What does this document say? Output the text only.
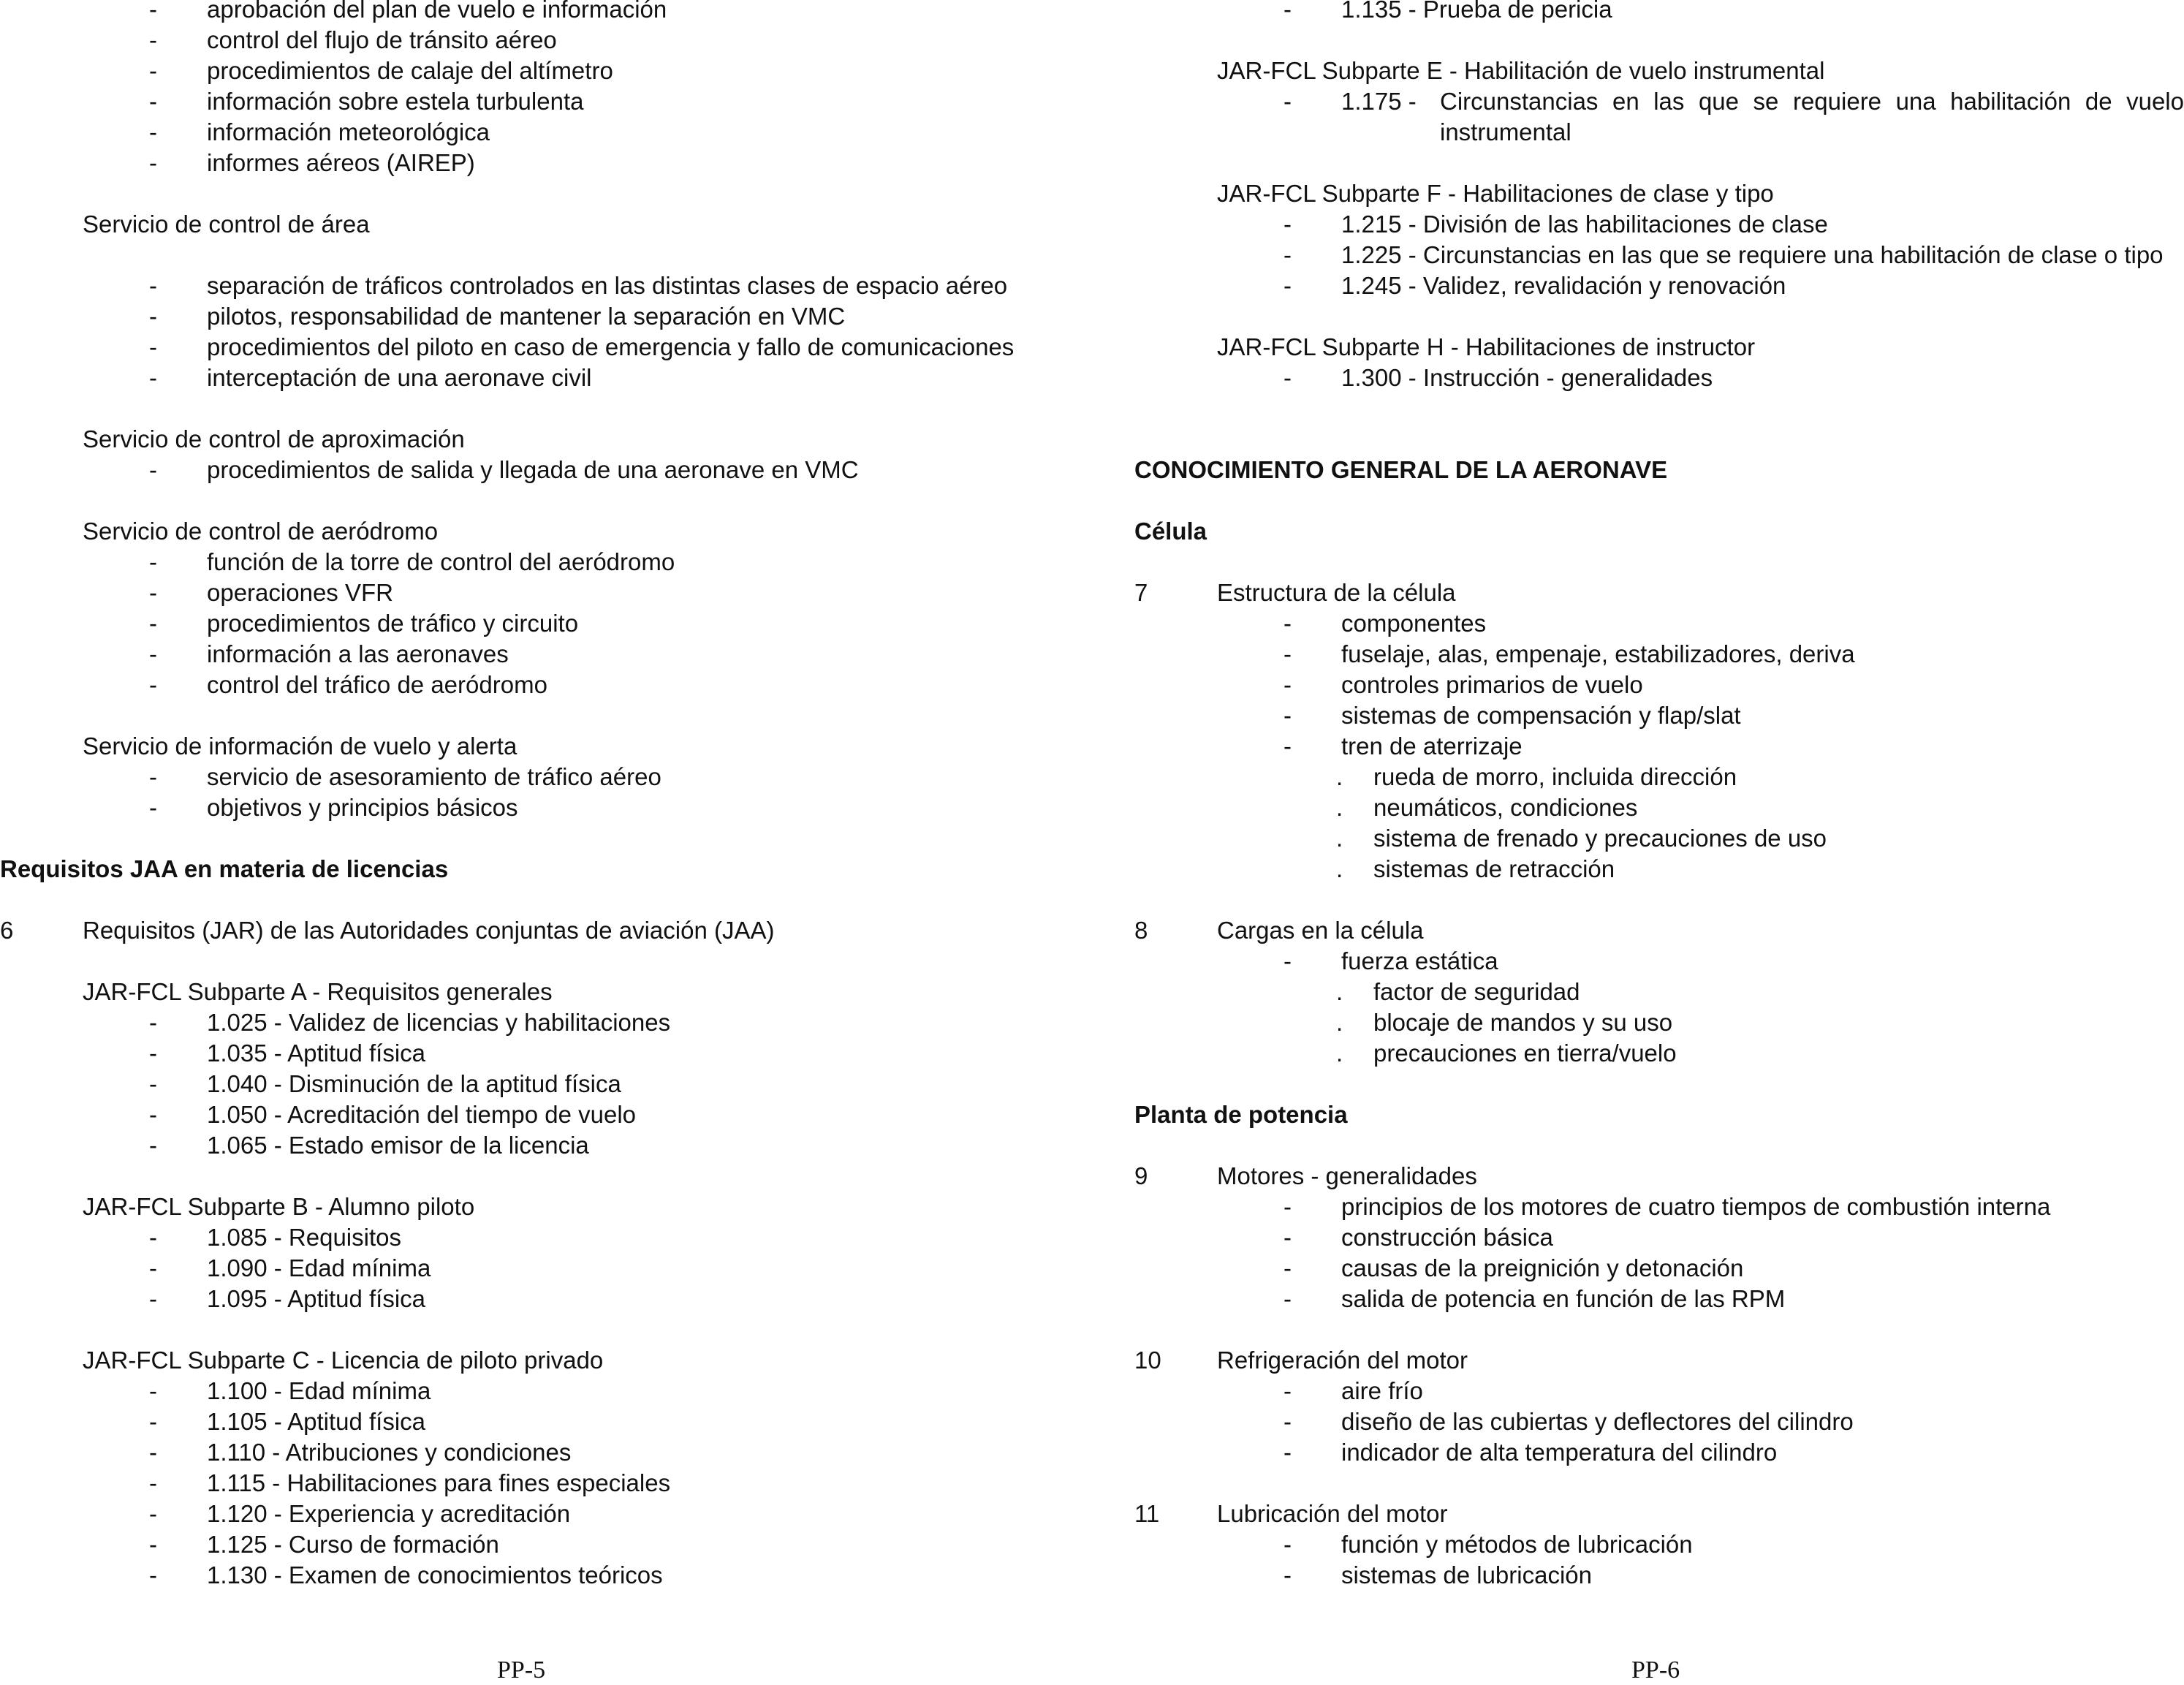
- aprobación del plan de vuelo e información
- control del flujo de tránsito aéreo
- procedimientos de calaje del altímetro
- información sobre estela turbulenta
- información meteorológica
- informes aéreos (AIREP)
Servicio de control de área
- separación de tráficos controlados en las distintas clases de espacio aéreo
- pilotos, responsabilidad de mantener la separación en VMC
- procedimientos del piloto en caso de emergencia y fallo de comunicaciones
- interceptación de una aeronave civil
Servicio de control de aproximación
- procedimientos de salida y llegada de una aeronave en VMC
Servicio de control de aeródromo
- función de la torre de control del aeródromo
- operaciones VFR
- procedimientos de tráfico y circuito
- información a las aeronaves
- control del tráfico de aeródromo
Servicio de información de vuelo y alerta
- servicio de asesoramiento de tráfico aéreo
- objetivos y principios básicos
Requisitos JAA en materia de licencias
6	Requisitos (JAR) de las Autoridades conjuntas de aviación (JAA)
JAR-FCL Subparte A - Requisitos generales
- 1.025 - Validez de licencias y habilitaciones
- 1.035 - Aptitud física
- 1.040 - Disminución de la aptitud física
- 1.050 - Acreditación del tiempo de vuelo
- 1.065 - Estado emisor de la licencia
JAR-FCL Subparte B - Alumno piloto
- 1.085 - Requisitos
- 1.090 - Edad mínima
- 1.095 - Aptitud física
JAR-FCL Subparte C - Licencia de piloto privado
- 1.100 - Edad mínima
- 1.105 - Aptitud física
- 1.110 - Atribuciones y condiciones
- 1.115 - Habilitaciones para fines especiales
- 1.120 - Experiencia y acreditación
- 1.125 - Curso de formación
- 1.130 - Examen de conocimientos teóricos
- 1.135 - Prueba de pericia
JAR-FCL Subparte E - Habilitación de vuelo instrumental
- 1.175 - Circunstancias en las que se requiere una habilitación de vuelo
instrumental
JAR-FCL Subparte F - Habilitaciones de clase y tipo
- 1.215 - División de las habilitaciones de clase
- 1.225 - Circunstancias en las que se requiere una habilitación de clase o tipo
- 1.245 - Validez, revalidación y renovación
JAR-FCL Subparte H - Habilitaciones de instructor
- 1.300 - Instrucción - generalidades
CONOCIMIENTO GENERAL DE LA AERONAVE
Célula
7	Estructura de la célula
- componentes
- fuselaje, alas, empenaje, estabilizadores, deriva
- controles primarios de vuelo
- sistemas de compensación y flap/slat
- tren de aterrizaje
. rueda de morro, incluida dirección
. neumáticos, condiciones
. sistema de frenado y precauciones de uso
. sistemas de retracción
8	Cargas en la célula
- fuerza estática
. factor de seguridad
. blocaje de mandos y su uso
. precauciones en tierra/vuelo
Planta de potencia
9	Motores - generalidades
- principios de los motores de cuatro tiempos de combustión interna
- construcción básica
- causas de la preignición y detonación
- salida de potencia en función de las RPM
10 Refrigeración del motor
- aire frío
- diseño de las cubiertas y deflectores del cilindro
- indicador de alta temperatura del cilindro
11 Lubricación del motor
- función y métodos de lubricación
- sistemas de lubricación
PP-5	PP-6
